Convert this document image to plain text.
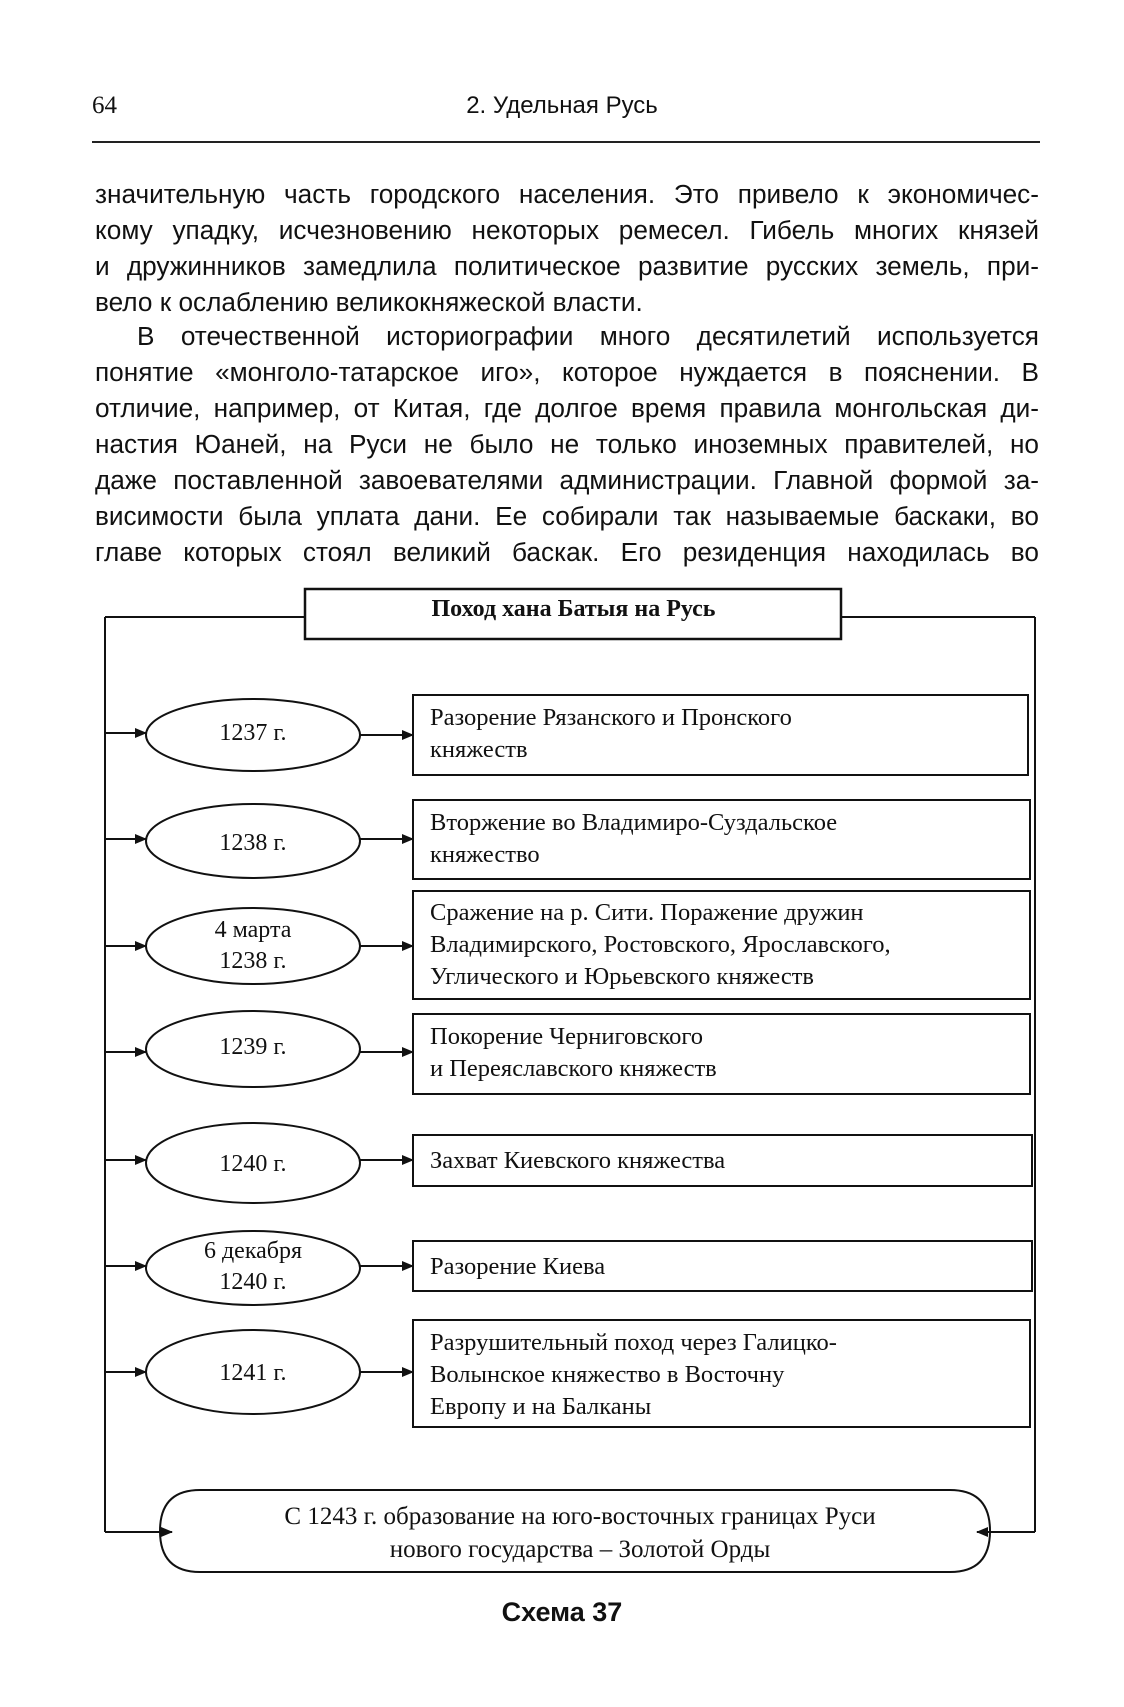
64	2. Удельная Русь
значительную часть городского населения. Это привело к экономичес-
кому упадку, исчезновению некоторых ремесел. Гибель многих князей
и дружинников замедлила политическое развитие русских земель, при-
вело к ослаблению великокняжеской власти.
В отечественной историографии много десятилетий используется
понятие «монголо-татарское иго», которое нуждается в пояснении. В
отличие, например, от Китая, где долгое время правила монгольская ди-
настия Юаней, на Руси не было не только иноземных правителей, но
даже поставленной завоевателями администрации. Главной формой за-
висимости была уплата дани. Ее собирали так называемые баскаки, во
главе которых стоял великий баскак. Его резиденция находилась во
Поход хана Батыя на Русь
1237 г.
1238 г.
4 марта
1238 г.
1239 г.
1240 г.
6 декабря
1240 г.
1241 г.
Разорение Рязанского и Пронского
княжеств
Вторжение во Владимиро-Суздальское
княжество
Сражение на р. Сити. Поражение дружин
Владимирского, Ростовского, Ярославского,
Углического и Юрьевского княжеств
Покорение Черниговского
и Переяславского княжеств
Захват Киевского княжества
Разорение Киева
Разрушительный поход через Галицко-
Волынское княжество в Восточну
Европу и на Балканы
С 1243 г. образование на юго-восточных границах Руси
нового государства – Золотой Орды
Схема 37
